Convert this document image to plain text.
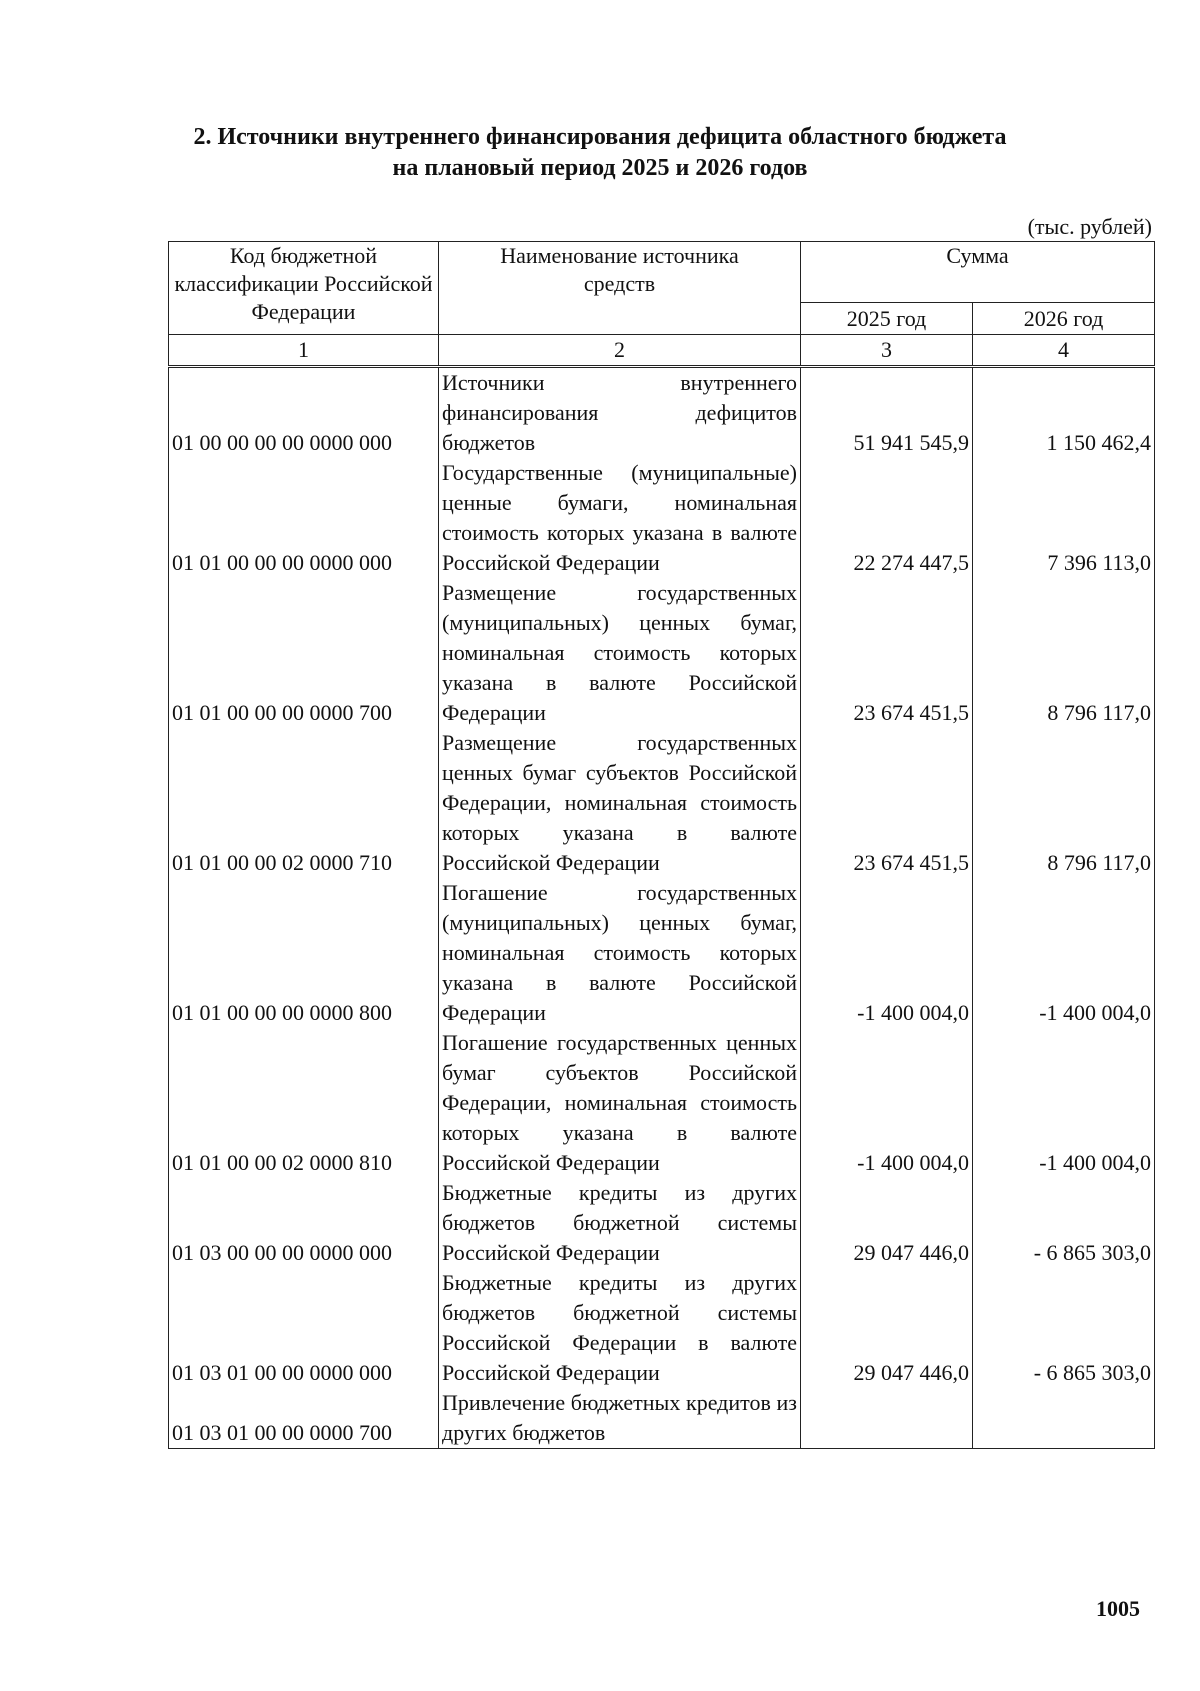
2. Источники внутреннего финансирования дефицита областного бюджета
на плановый период 2025 и 2026 годов
(тыс. рублей)
Код бюджетной классификации Российской Федерации	Наименование источника средств	Сумма	
		2025 год	2026 год
1	2	3	4
01 00 00 00 00 0000 000	Источники внутреннего финансирования дефицитов бюджетов	51 941 545,9	1 150 462,4
01 01 00 00 00 0000 000	Государственные (муниципальные) ценные бумаги, номинальная стоимость которых указана в валюте Российской Федерации	22 274 447,5	7 396 113,0
01 01 00 00 00 0000 700	Размещение государственных (муниципальных) ценных бумаг, номинальная стоимость которых указана в валюте Российской Федерации	23 674 451,5	8 796 117,0
01 01 00 00 02 0000 710	Размещение государственных ценных бумаг субъектов Российской Федерации, номинальная стоимость которых указана в валюте Российской Федерации	23 674 451,5	8 796 117,0
01 01 00 00 00 0000 800	Погашение государственных (муниципальных) ценных бумаг, номинальная стоимость которых указана в валюте Российской Федерации	-1 400 004,0	-1 400 004,0
01 01 00 00 02 0000 810	Погашение государственных ценных бумаг субъектов Российской Федерации, номинальная стоимость которых указана в валюте Российской Федерации	-1 400 004,0	-1 400 004,0
01 03 00 00 00 0000 000	Бюджетные кредиты из других бюджетов бюджетной системы Российской Федерации	29 047 446,0	- 6 865 303,0
01 03 01 00 00 0000 000	Бюджетные кредиты из других бюджетов бюджетной системы Российской Федерации в валюте Российской Федерации	29 047 446,0	- 6 865 303,0
01 03 01 00 00 0000 700	Привлечение бюджетных кредитов из других бюджетов		
1005
